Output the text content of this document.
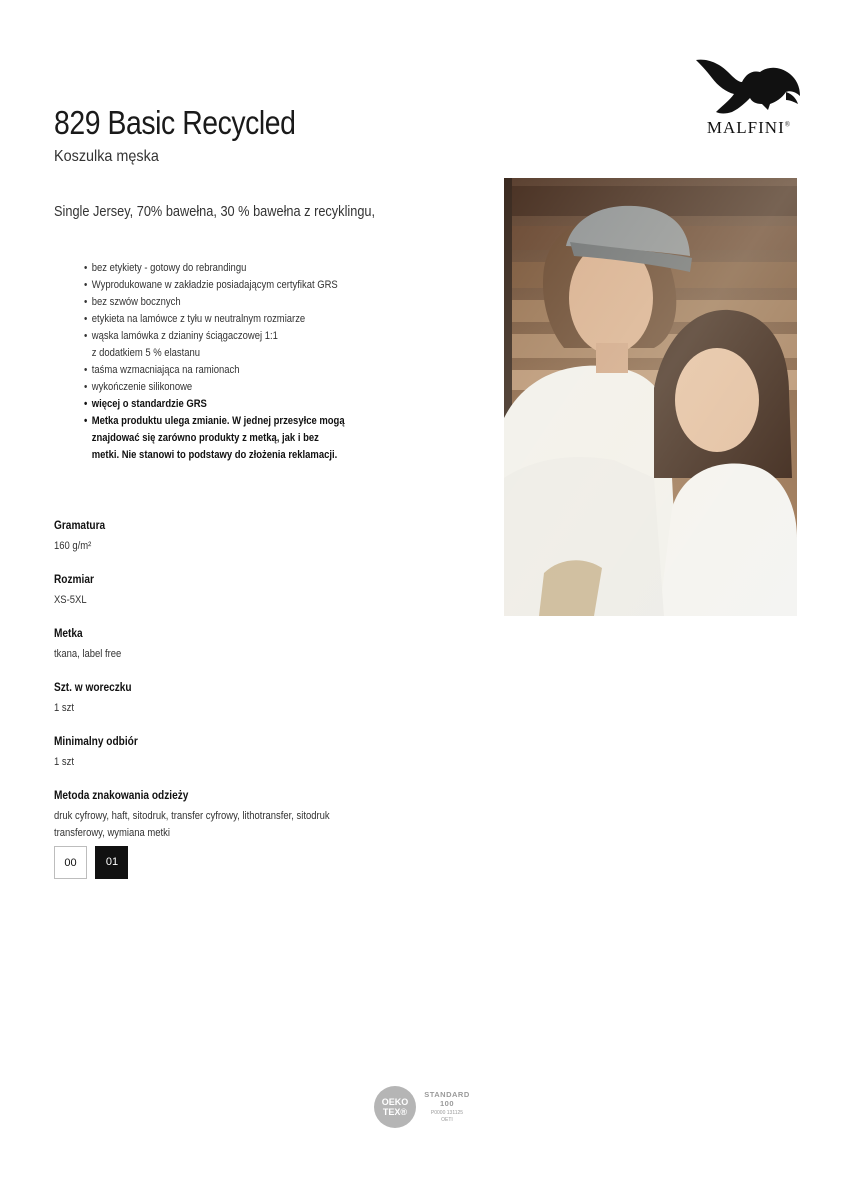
829 Basic Recycled
Koszulka męska
MALFINI®
Single Jersey, 70% bawełna, 30 % bawełna z recyklingu,
• bez etykiety - gotowy do rebrandingu
• Wyprodukowane w zakładzie posiadającym certyfikat GRS
• bez szwów bocznych
• etykieta na lamówce z tyłu w neutralnym rozmiarze
• wąska lamówka z dzianiny ściągaczowej 1:1 z dodatkiem 5 % elastanu
• taśma wzmacniająca na ramionach
• wykończenie silikonowe
• więcej o standardzie GRS
• Metka produktu ulega zmianie. W jednej przesyłce mogą znajdować się zarówno produkty z metką, jak i bez metki. Nie stanowi to podstawy do złożenia reklamacji.
Gramatura
160 g/m²
Rozmiar
XS-5XL
Metka
tkana, label free
Szt. w woreczku
1 szt
Minimalny odbiór
1 szt
Metoda znakowania odzieży
druk cyfrowy, haft, sitodruk, transfer cyfrowy, lithotransfer, sitodruk transferowy, wymiana metki
00	01
OEKO
TEX®
STANDARD
100
P0000 131125
OETI
